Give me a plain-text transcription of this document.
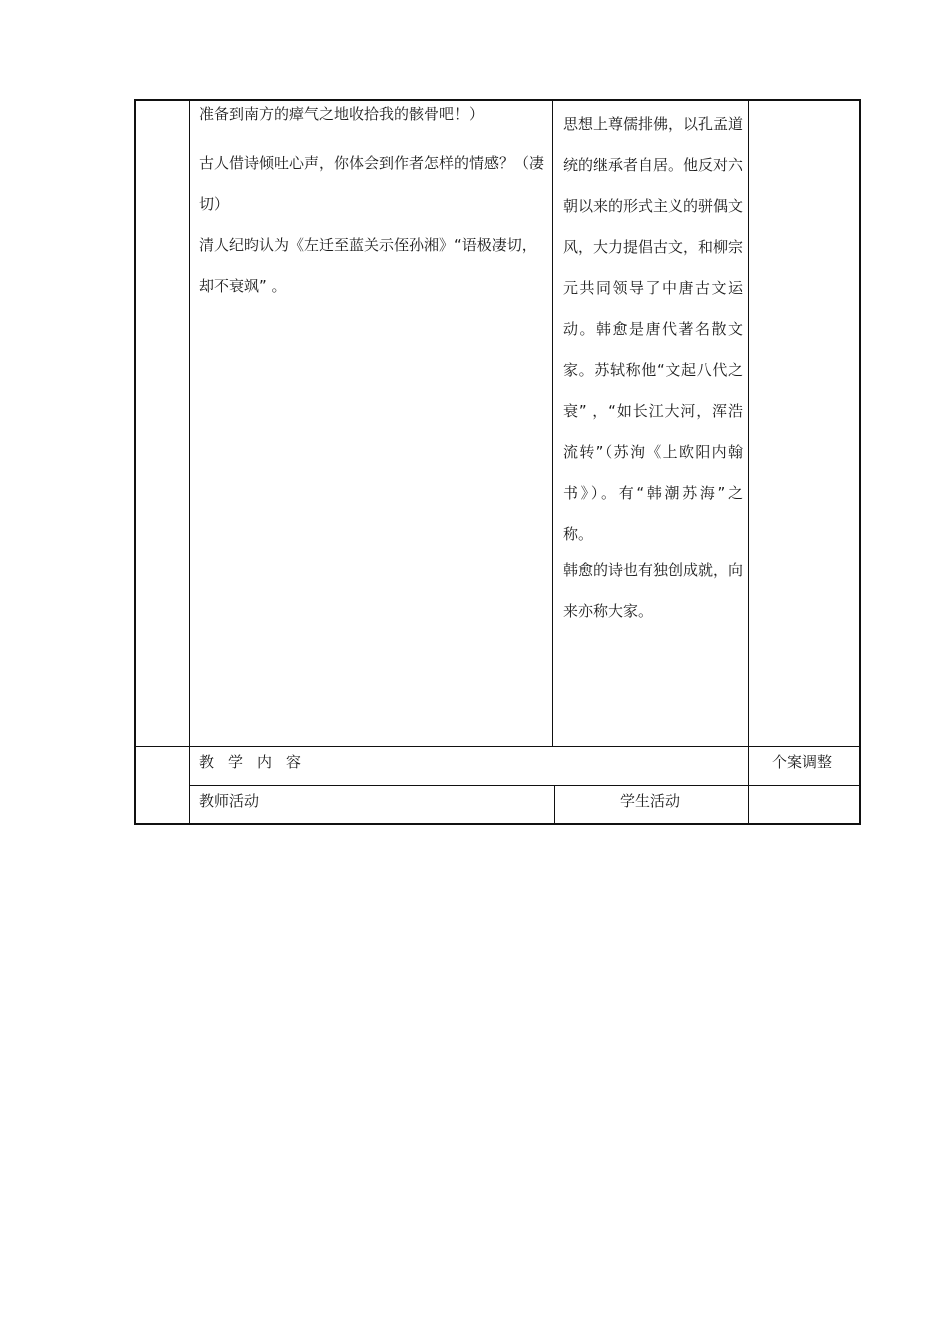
准备到南方的瘴气之地收拾我的骸骨吧！）

古人借诗倾吐心声，你体会到作者怎样的情感？（凄切）

清人纪昀认为《左迁至蓝关示侄孙湘》“语极凄切，却不衰飒” 。

思想上尊儒排佛，以孔孟道统的继承者自居。他反对六朝以来的形式主义的骈偶文风，大力提倡古文，和柳宗元共同领导了中唐古文运动。韩愈是唐代著名散文家。苏轼称他“文起八代之衰” ，“如长江大河，浑浩流转”（苏洵《上欧阳内翰书》）。有“韩潮苏海”之称。

韩愈的诗也有独创成就，向来亦称大家。

教学内容	个案调整
教师活动	学生活动
